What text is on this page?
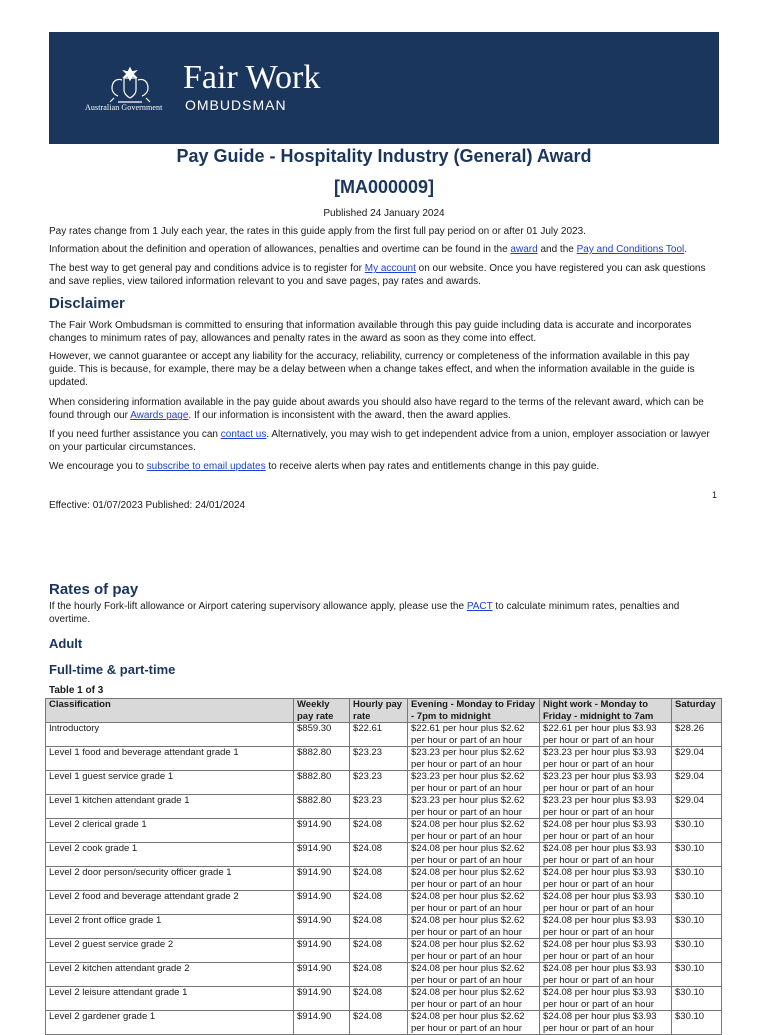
Australian Government
Fair Work
OMBUDSMAN
Pay Guide - Hospitality Industry (General) Award
[MA000009]
Published 24 January 2024

Pay rates change from 1 July each year, the rates in this guide apply from the first full pay period on or after 01 July 2023.

Information about the definition and operation of allowances, penalties and overtime can be found in the award and the Pay and Conditions Tool.

The best way to get general pay and conditions advice is to register for My account on our website. Once you have registered you can ask questions and save replies, view tailored information relevant to you and save pages, pay rates and awards.

Disclaimer

The Fair Work Ombudsman is committed to ensuring that information available through this pay guide including data is accurate and incorporates changes to minimum rates of pay, allowances and penalty rates in the award as soon as they come into effect.

However, we cannot guarantee or accept any liability for the accuracy, reliability, currency or completeness of the information available in this pay guide. This is because, for example, there may be a delay between when a change takes effect, and when the information available in the guide is updated.

When considering information available in the pay guide about awards you should also have regard to the terms of the relevant award, which can be found through our Awards page. If our information is inconsistent with the award, then the award applies.

If you need further assistance you can contact us. Alternatively, you may wish to get independent advice from a union, employer association or lawyer on your particular circumstances.

We encourage you to subscribe to email updates to receive alerts when pay rates and entitlements change in this pay guide.

1

Effective: 01/07/2023 Published: 24/01/2024

Rates of pay

If the hourly Fork-lift allowance or Airport catering supervisory allowance apply, please use the PACT to calculate minimum rates, penalties and overtime.

Adult
Full-time & part-time
Table 1 of 3
Classification	Weekly pay rate	Hourly pay rate	Evening - Monday to Friday - 7pm to midnight	Night work - Monday to Friday - midnight to 7am	Saturday
Introductory	$859.30	$22.61	$22.61 per hour plus $2.62 per hour or part of an hour	$22.61 per hour plus $3.93 per hour or part of an hour	$28.26
Level 1 food and beverage attendant grade 1	$882.80	$23.23	$23.23 per hour plus $2.62 per hour or part of an hour	$23.23 per hour plus $3.93 per hour or part of an hour	$29.04
Level 1 guest service grade 1	$882.80	$23.23	$23.23 per hour plus $2.62 per hour or part of an hour	$23.23 per hour plus $3.93 per hour or part of an hour	$29.04
Level 1 kitchen attendant grade 1	$882.80	$23.23	$23.23 per hour plus $2.62 per hour or part of an hour	$23.23 per hour plus $3.93 per hour or part of an hour	$29.04
Level 2 clerical grade 1	$914.90	$24.08	$24.08 per hour plus $2.62 per hour or part of an hour	$24.08 per hour plus $3.93 per hour or part of an hour	$30.10
Level 2 cook grade 1	$914.90	$24.08	$24.08 per hour plus $2.62 per hour or part of an hour	$24.08 per hour plus $3.93 per hour or part of an hour	$30.10
Level 2 door person/security officer grade 1	$914.90	$24.08	$24.08 per hour plus $2.62 per hour or part of an hour	$24.08 per hour plus $3.93 per hour or part of an hour	$30.10
Level 2 food and beverage attendant grade 2	$914.90	$24.08	$24.08 per hour plus $2.62 per hour or part of an hour	$24.08 per hour plus $3.93 per hour or part of an hour	$30.10
Level 2 front office grade 1	$914.90	$24.08	$24.08 per hour plus $2.62 per hour or part of an hour	$24.08 per hour plus $3.93 per hour or part of an hour	$30.10
Level 2 guest service grade 2	$914.90	$24.08	$24.08 per hour plus $2.62 per hour or part of an hour	$24.08 per hour plus $3.93 per hour or part of an hour	$30.10
Level 2 kitchen attendant grade 2	$914.90	$24.08	$24.08 per hour plus $2.62 per hour or part of an hour	$24.08 per hour plus $3.93 per hour or part of an hour	$30.10
Level 2 leisure attendant grade 1	$914.90	$24.08	$24.08 per hour plus $2.62 per hour or part of an hour	$24.08 per hour plus $3.93 per hour or part of an hour	$30.10
Level 2 gardener grade 1	$914.90	$24.08	$24.08 per hour plus $2.62 per hour or part of an hour	$24.08 per hour plus $3.93 per hour or part of an hour	$30.10
